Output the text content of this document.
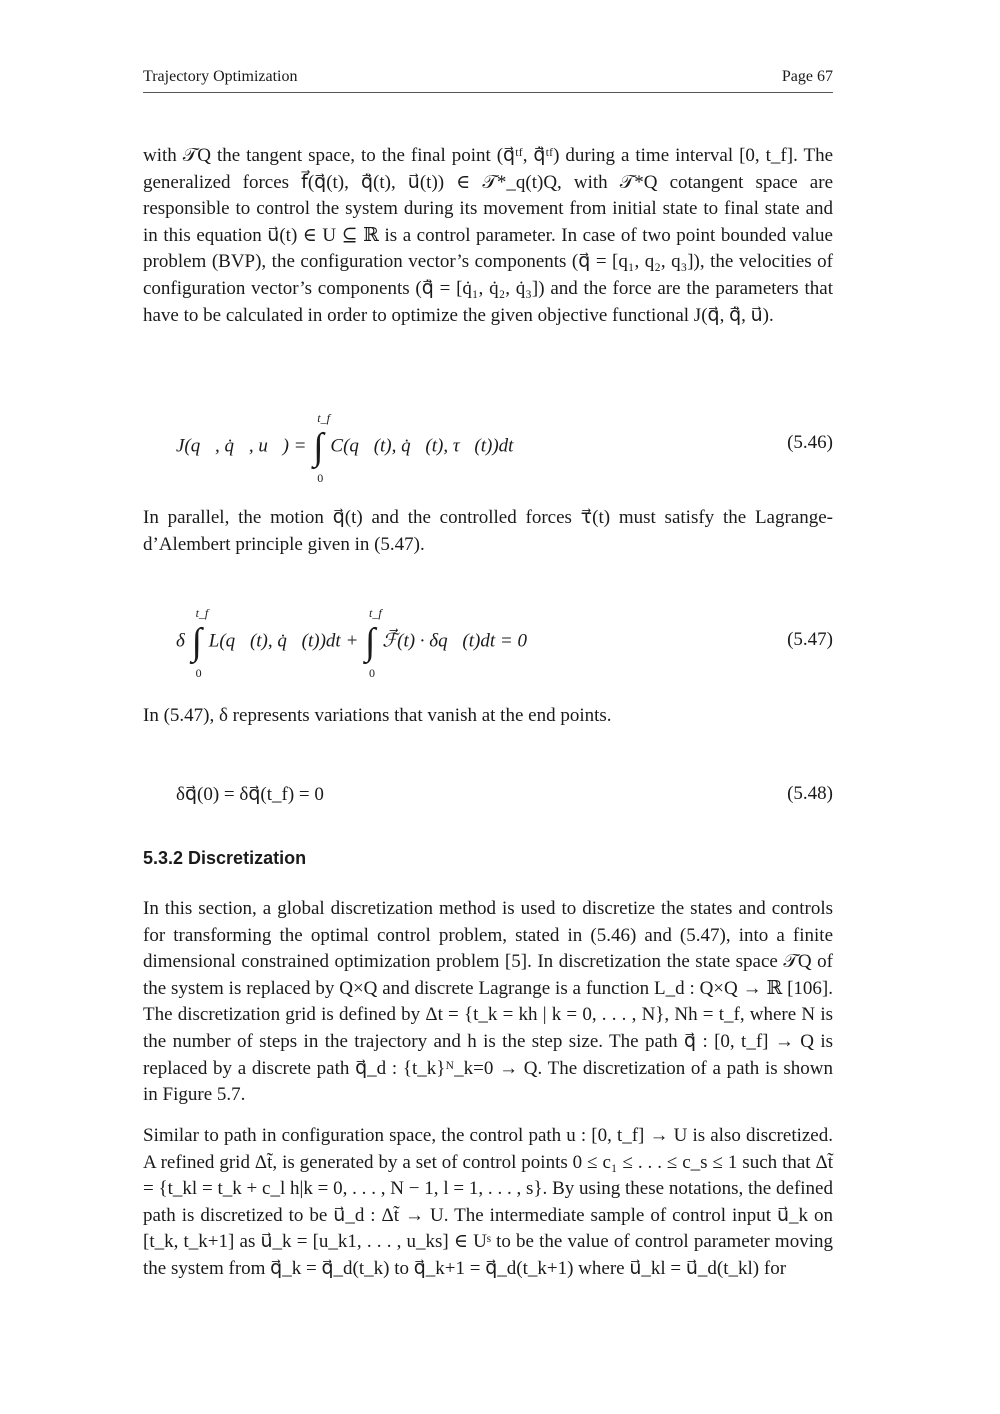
Trajectory Optimization	Page 67
with 𝒯Q the tangent space, to the final point (q⃗ᵗᶠ, q̇⃗ᵗᶠ) during a time interval [0, t_f]. The generalized forces f⃗(q⃗(t), q̇⃗(t), u⃗(t)) ∈ 𝒯*_q(t)Q, with 𝒯*Q cotangent space are responsible to control the system during its movement from initial state to final state and in this equation u⃗(t) ∈ U ⊆ ℝ is a control parameter. In case of two point bounded value problem (BVP), the configuration vector’s components (q⃗ = [q₁, q₂, q₃]), the velocities of configuration vector’s components (q̇⃗ = [q̇₁, q̇₂, q̇₃]) and the force are the parameters that have to be calculated in order to optimize the given objective functional J(q⃗, q̇⃗, u⃗).
J(q⃗, q̇⃗, u⃗) = ∫
t_f
0
C(q⃗(t), q̇⃗(t), τ⃗(t))dt	(5.46)
In parallel, the motion q⃗(t) and the controlled forces τ⃗(t) must satisfy the Lagrange-d’Alembert principle given in (5.47).
δ ∫
t_f
0
L(q⃗(t), q̇⃗(t))dt + ∫
t_f
0
ℱ⃗(t) · δq⃗(t)dt = 0	(5.47)
In (5.47), δ represents variations that vanish at the end points.
δq⃗(0) = δq⃗(t_f) = 0	(5.48)
5.3.2 Discretization
In this section, a global discretization method is used to discretize the states and controls for transforming the optimal control problem, stated in (5.46) and (5.47), into a finite dimensional constrained optimization problem [5]. In discretization the state space 𝒯Q of the system is replaced by Q×Q and discrete Lagrange is a function L_d : Q×Q → ℝ [106]. The discretization grid is defined by Δt = {t_k = kh | k = 0, . . . , N}, Nh = t_f, where N is the number of steps in the trajectory and h is the step size. The path q⃗ : [0, t_f] → Q is replaced by a discrete path q⃗_d : {t_k}ᴺ_k=0 → Q. The discretization of a path is shown in Figure 5.7.
Similar to path in configuration space, the control path u : [0, t_f] → U is also discretized. A refined grid Δt̃, is generated by a set of control points 0 ≤ c₁ ≤ . . . ≤ c_s ≤ 1 such that Δt̃ = {t_kl = t_k + c_l h|k = 0, . . . , N − 1, l = 1, . . . , s}. By using these notations, the defined path is discretized to be u⃗_d : Δt̃ → U. The intermediate sample of control input u⃗_k on [t_k, t_k+1] as u⃗_k = [u_k1, . . . , u_ks] ∈ Uˢ to be the value of control parameter moving the system from q⃗_k = q⃗_d(t_k) to q⃗_k+1 = q⃗_d(t_k+1) where u⃗_kl = u⃗_d(t_kl) for
